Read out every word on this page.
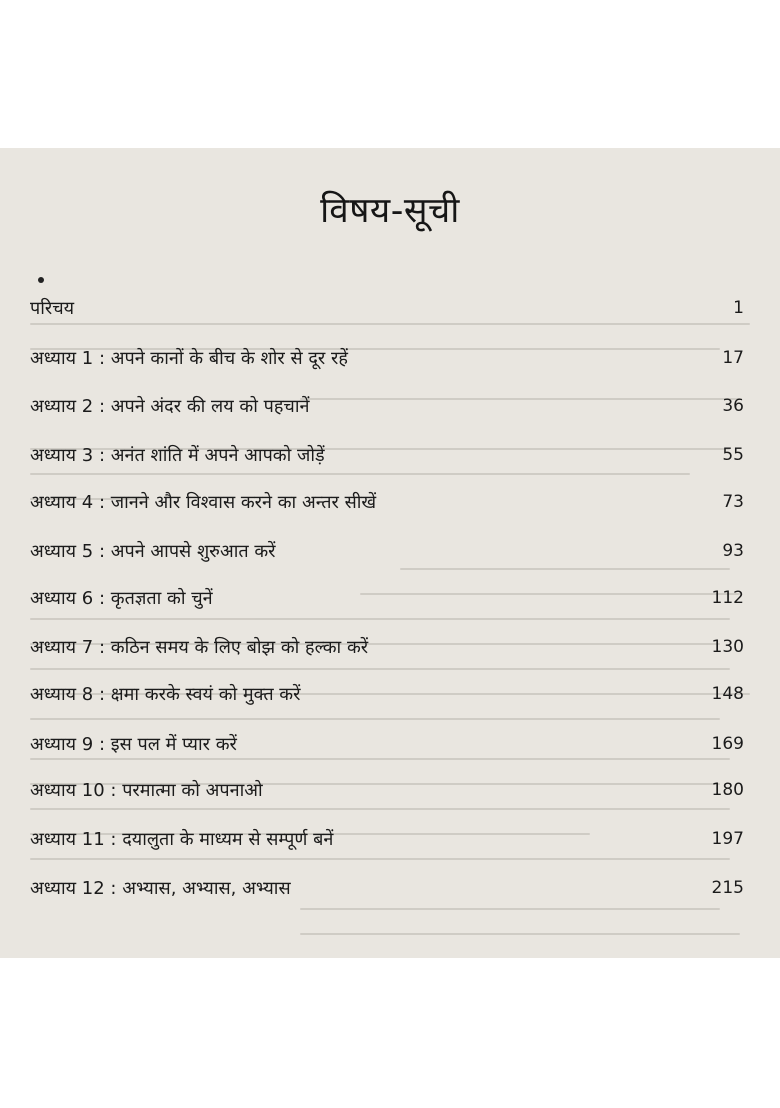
विषय-सूची
परिचय	1
अध्याय 1 : अपने कानों के बीच के शोर से दूर रहें	17
अध्याय 2 : अपने अंदर की लय को पहचानें	36
अध्याय 3 : अनंत शांति में अपने आपको जोड़ें	55
अध्याय 4 : जानने और विश्वास करने का अन्तर सीखें	73
अध्याय 5 : अपने आपसे शुरुआत करें	93
अध्याय 6 : कृतज्ञता को चुनें	112
अध्याय 7 : कठिन समय के लिए बोझ को हल्का करें	130
अध्याय 8 : क्षमा करके स्वयं को मुक्त करें	148
अध्याय 9 : इस पल में प्यार करें	169
अध्याय 10 : परमात्मा को अपनाओ	180
अध्याय 11 : दयालुता के माध्यम से सम्पूर्ण बनें	197
अध्याय 12 : अभ्यास, अभ्यास, अभ्यास	215
